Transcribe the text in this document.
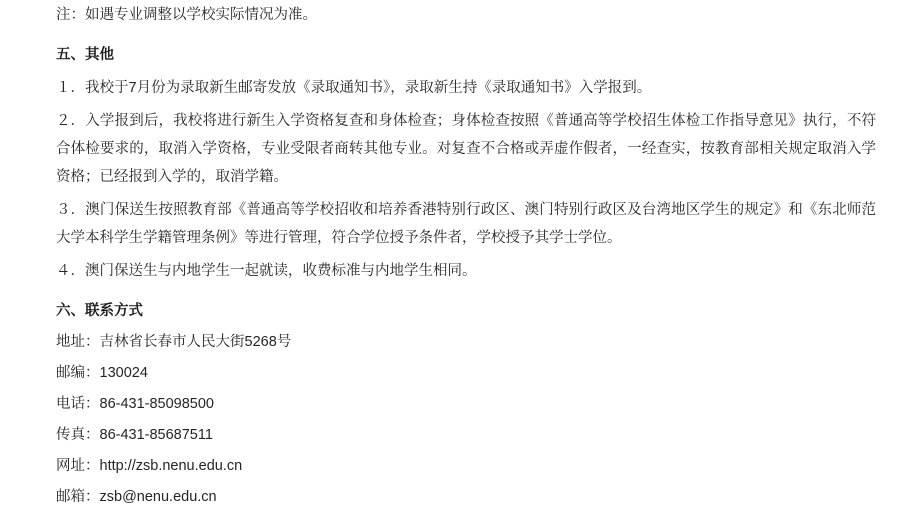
注：如遇专业调整以学校实际情况为准。

五、其他

１．我校于7月份为录取新生邮寄发放《录取通知书》，录取新生持《录取通知书》入学报到。

２．入学报到后，我校将进行新生入学资格复查和身体检查；身体检查按照《普通高等学校招生体检工作指导意见》执行，不符合体检要求的，取消入学资格，专业受限者商转其他专业。对复查不合格或弄虚作假者，一经查实，按教育部相关规定取消入学资格；已经报到入学的，取消学籍。

３．澳门保送生按照教育部《普通高等学校招收和培养香港特别行政区、澳门特别行政区及台湾地区学生的规定》和《东北师范大学本科学生学籍管理条例》等进行管理，符合学位授予条件者，学校授予其学士学位。

４．澳门保送生与内地学生一起就读，收费标准与内地学生相同。

六、联系方式
地址：吉林省长春市人民大街5268号
邮编：130024
电话：86-431-85098500
传真：86-431-85687511
网址：http://zsb.nenu.edu.cn
邮箱：zsb@nenu.edu.cn
